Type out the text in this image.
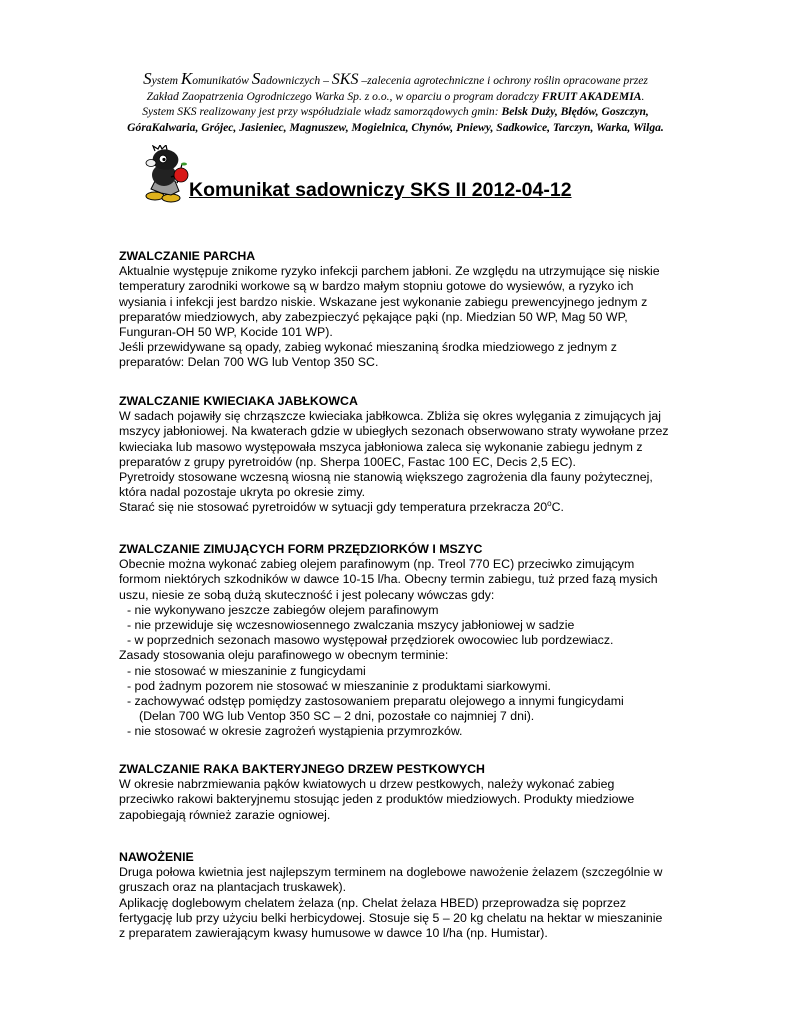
System Komunikatów Sadowniczych – SKS –zalecenia agrotechniczne i ochrony roślin opracowane przez
Zakład Zaopatrzenia Ogrodniczego Warka Sp. z o.o., w oparciu o program doradczy FRUIT AKADEMIA.
System SKS realizowany jest przy współudziale władz samorządowych gmin: Belsk Duży, Błędów, Goszczyn,
GóraKalwaria, Grójec, Jasieniec, Magnuszew, Mogielnica, Chynów, Pniewy, Sadkowice, Tarczyn, Warka, Wilga.
Komunikat sadowniczy SKS II 2012-04-12
ZWALCZANIE PARCHA

Aktualnie występuje znikome ryzyko infekcji parchem jabłoni. Ze względu na utrzymujące się niskie

temperatury zarodniki workowe są w bardzo małym stopniu gotowe do wysiewów, a ryzyko ich

wysiania i infekcji jest bardzo niskie. Wskazane jest wykonanie zabiegu prewencyjnego jednym z

preparatów miedziowych, aby zabezpieczyć pękające pąki (np. Miedzian 50 WP, Mag 50 WP,

Funguran-OH 50 WP, Kocide 101 WP).

Jeśli przewidywane są opady, zabieg wykonać mieszaniną środka miedziowego z jednym z

preparatów: Delan 700 WG lub Ventop 350 SC.

ZWALCZANIE KWIECIAKA JABŁKOWCA

W sadach pojawiły się chrząszcze kwieciaka jabłkowca. Zbliża się okres wylęgania z zimujących jaj

mszycy jabłoniowej. Na kwaterach gdzie w ubiegłych sezonach obserwowano straty wywołane przez

kwieciaka lub masowo występowała mszyca jabłoniowa zaleca się wykonanie zabiegu jednym z

preparatów z grupy pyretroidów (np. Sherpa 100EC, Fastac 100 EC, Decis 2,5 EC).

Pyretroidy stosowane wczesną wiosną nie stanowią większego zagrożenia dla fauny pożytecznej,

która nadal pozostaje ukryta po okresie zimy.

Starać się nie stosować pyretroidów w sytuacji gdy temperatura przekracza 20$^o$C.

ZWALCZANIE ZIMUJĄCYCH FORM PRZĘDZIORKÓW I MSZYC

Obecnie można wykonać zabieg olejem parafinowym (np. Treol 770 EC) przeciwko zimującym

formom niektórych szkodników w dawce 10-15 l/ha. Obecny termin zabiegu, tuż przed fazą mysich

uszu, niesie ze sobą dużą skuteczność i jest polecany wówczas gdy:

- nie wykonywano jeszcze zabiegów olejem parafinowym
- nie przewiduje się wczesnowiosennego zwalczania mszycy jabłoniowej w sadzie
- w poprzednich sezonach masowo występował przędziorek owocowiec lub pordzewiacz.

Zasady stosowania oleju parafinowego w obecnym terminie:

- nie stosować w mieszaninie z fungicydami
- pod żadnym pozorem nie stosować w mieszaninie z produktami siarkowymi.
- zachowywać odstęp pomiędzy zastosowaniem preparatu olejowego a innymi fungicydami
(Delan 700 WG lub Ventop 350 SC – 2 dni, pozostałe co najmniej 7 dni).
- nie stosować w okresie zagrożeń wystąpienia przymrozków.
ZWALCZANIE RAKA BAKTERYJNEGO DRZEW PESTKOWYCH

W okresie nabrzmiewania pąków kwiatowych u drzew pestkowych, należy wykonać zabieg

przeciwko rakowi bakteryjnemu stosując jeden z produktów miedziowych. Produkty miedziowe

zapobiegają również zarazie ogniowej.

NAWOŻENIE

Druga połowa kwietnia jest najlepszym terminem na doglebowe nawożenie żelazem (szczególnie w

gruszach oraz na plantacjach truskawek).

Aplikację doglebowym chelatem żelaza (np. Chelat żelaza HBED) przeprowadza się poprzez

fertygację lub przy użyciu belki herbicydowej. Stosuje się 5 – 20 kg chelatu na hektar w mieszaninie

z preparatem zawierającym kwasy humusowe w dawce 10 l/ha (np. Humistar).
